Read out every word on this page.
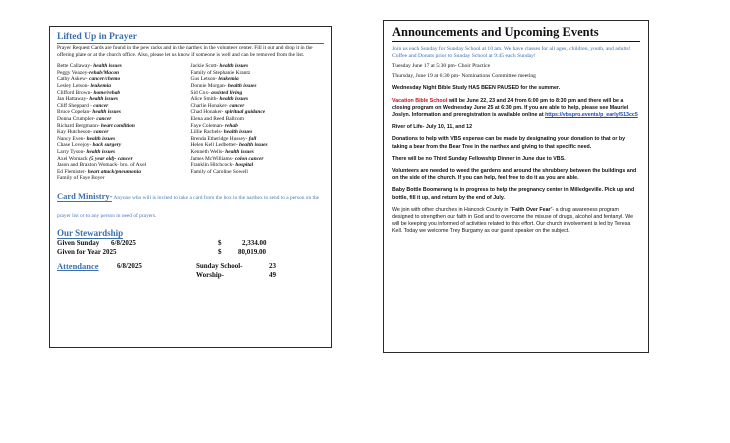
Lifted Up in Prayer
Prayer Request Cards are found in the pew racks and in the narthex in the volunteer center. Fill it out and drop it in the offering plate or at the church office. Also, please let us know if someone is well and can be removed from the list.
Bette Callaway- health issues
Peggy Veazey-rehab/Macon
Cathy Askew- cancer/chemo
Lesley Letson- leukemia
Clifford Brown- home/rehab
Jan Hattaway- health issues
Cliff Sheppard - cancer
Bruce Copelan- health issues
Donna Crumpler- cancer
Richard Bergmann- heart condition
Kay Hutcheson- cancer
Nancy Even- health issues
Chase Lovejoy- back surgery
Larry Tyson- health issues
Axel Womack (5 year old)- cancer
Jason and Braxton Womack- bro. of Axel
Ed Flemister- heart attack/pneumonia
Family of Faye Boyer
Jackie Scott- health issues
Family of Stephanie Krantz
Gus Letson- leukemia
Donnie Morgan- health issues
Sid Cox- assisted living
Alice Smith- health issues
Charlie Honaker- cancer
Chad Honaker- spiritual guidance
Elena and Reed Ballcom
Faye Coleman- rehab
Lillie Rachels- health issues
Brenda Etheridge Hussey- fall
Helen Kell Ledbetter- health issues
Kenneth Wells- health issues
James McWilliams- colon cancer
Franklin Hitchcock- hospital
Family of Caroline Sowell
Card Ministry- Anyone who will is invited to take a card from the box in the narthex to send to a person on the prayer list or to any person in need of prayers.
Our Stewardship
Given Sunday 6/8/2025	$	2,334.00
Given for Year 2025	$ 80,019.00
Attendance	6/8/2025	Sunday School-	23
Worship-	49
Announcements and Upcoming Events
Join us each Sunday for Sunday School at 10 am. We have classes for all ages, children, youth, and adults! Coffee and Donuts prior to Sunday School at 9:45 each Sunday!
Tuesday June 17 at 5:30 pm- Choir Practice
Thursday, June 19 at 6:30 pm- Nominations Committee meeting
Wednesday Night Bible Study HAS BEEN PAUSED for the summer.
Vacation Bible School will be June 22, 23 and 24 from 6:00 pm to 8:30 pm and there will be a closing program on Wednesday June 25 at 6:30 pm. If you are able to help, please see Mauriel Joslyn. Information and preregistration is available online at https://vbspro.events/p_early/513cc5
River of Life- July 10, 11, and 12
Donations to help with VBS expense can be made by designating your donation to that or by taking a bear from the Bear Tree in the narthex and giving to that specific need.
There will be no Third Sunday Fellowship Dinner in June due to VBS.
Volunteers are needed to weed the gardens and around the shrubbery between the buildings and on the side of the church. If you can help, feel free to do it as you are able.
Baby Bottle Boomerang is in progress to help the pregnancy center in Milledgeville. Pick up and bottle, fill it up, and return by the end of July.
We join with other churches in Hancock County in “Faith Over Fear”- a drug awareness program designed to strengthen our faith in God and to overcome the misuse of drugs, alcohol and fentanyl. We will be keeping you informed of activities related to this effort. Our church involvement is led by Teresa Kell. Today we welcome Trey Burgamy as our guest speaker on the subject.
